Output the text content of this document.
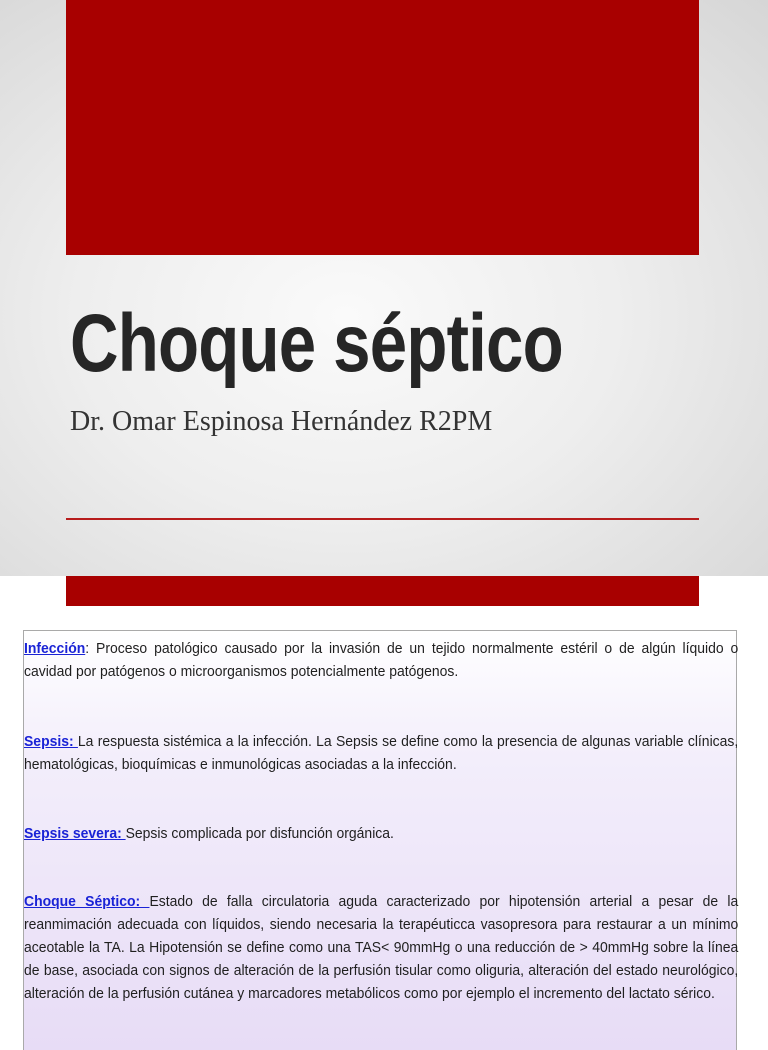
Choque séptico
Dr. Omar Espinosa Hernández R2PM

Infección: Proceso patológico causado por la invasión de un tejido normalmente estéril o de algún líquido o cavidad por patógenos o microorganismos potencialmente patógenos.

Sepsis: La respuesta sistémica a la infección. La Sepsis se define como la presencia de algunas variable clínicas, hematológicas, bioquímicas e inmunológicas asociadas a la infección.

Sepsis severa: Sepsis complicada por disfunción orgánica.

Choque Séptico: Estado de falla circulatoria aguda caracterizado por hipotensión arterial a pesar de la reanmimación adecuada con líquidos, siendo necesaria la terapéuticca vasopresora para restaurar a un mínimo aceotable la TA. La Hipotensión se define como una TAS< 90mmHg o una reducción de > 40mmHg sobre la línea de base, asociada con signos de alteración de la perfusión tisular como oliguria, alteración del estado neurológico, alteración de la perfusión cutánea y marcadores metabólicos como por ejemplo el incremento del lactato sérico.
